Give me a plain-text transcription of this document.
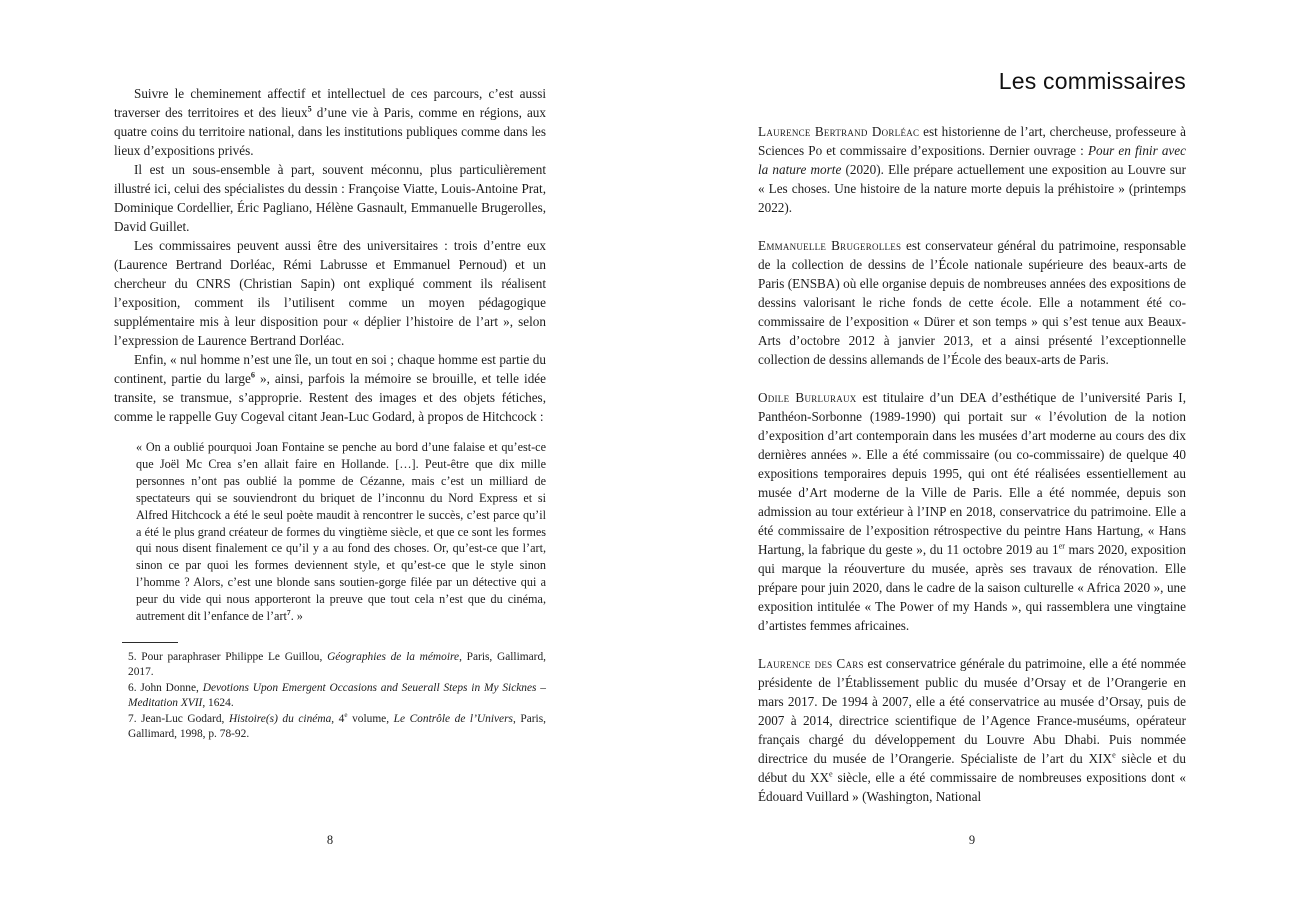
Suivre le cheminement affectif et intellectuel de ces parcours, c’est aussi traverser des territoires et des lieux$^5$ d’une vie à Paris, comme en régions, aux quatre coins du territoire national, dans les institutions publiques comme dans les lieux d’expositions privés.

Il est un sous-ensemble à part, souvent méconnu, plus particulièrement illustré ici, celui des spécialistes du dessin : Françoise Viatte, Louis-Antoine Prat, Dominique Cordellier, Éric Pagliano, Hélène Gasnault, Emmanuelle Brugerolles, David Guillet.

Les commissaires peuvent aussi être des universitaires : trois d’entre eux (Laurence Bertrand Dorléac, Rémi Labrusse et Emmanuel Pernoud) et un chercheur du CNRS (Christian Sapin) ont expliqué comment ils réalisent l’exposition, comment ils l’utilisent comme un moyen pédagogique supplémentaire mis à leur disposition pour « déplier l’histoire de l’art », selon l’expression de Laurence Bertrand Dorléac.

Enfin, « nul homme n’est une île, un tout en soi ; chaque homme est partie du continent, partie du large$^6$ », ainsi, parfois la mémoire se brouille, et telle idée transite, se transmue, s’approprie. Restent des images et des objets fétiches, comme le rappelle Guy Cogeval citant Jean-Luc Godard, à propos de Hitchcock :

« On a oublié pourquoi Joan Fontaine se penche au bord d’une falaise et qu’est-ce que Joël Mc Crea s’en allait faire en Hollande. […]. Peut-être que dix mille personnes n’ont pas oublié la pomme de Cézanne, mais c’est un milliard de spectateurs qui se souviendront du briquet de l’inconnu du Nord Express et si Alfred Hitchcock a été le seul poète maudit à rencontrer le succès, c’est parce qu’il a été le plus grand créateur de formes du vingtième siècle, et que ce sont les formes qui nous disent finalement ce qu’il y a au fond des choses. Or, qu’est-ce que l’art, sinon ce par quoi les formes deviennent style, et qu’est-ce que le style sinon l’homme ? Alors, c’est une blonde sans soutien-gorge filée par un détective qui a peur du vide qui nous apporteront la preuve que tout cela n’est que du cinéma, autrement dit l’enfance de l’art$^7$. »

5. Pour paraphraser Philippe Le Guillou, Géographies de la mémoire, Paris, Gallimard, 2017.

6. John Donne, Devotions Upon Emergent Occasions and Seuerall Steps in My Sicknes – Meditation XVII, 1624.

7. Jean-Luc Godard, Histoire(s) du cinéma, 4e volume, Le Contrôle de l’Univers, Paris, Gallimard, 1998, p. 78-92.

Les commissaires

Laurence Bertrand Dorléac est historienne de l’art, chercheuse, professeure à Sciences Po et commissaire d’expositions. Dernier ouvrage : Pour en finir avec la nature morte (2020). Elle prépare actuellement une exposition au Louvre sur « Les choses. Une histoire de la nature morte depuis la préhistoire » (printemps 2022).

Emmanuelle Brugerolles est conservateur général du patrimoine, responsable de la collection de dessins de l’École nationale supérieure des beaux-arts de Paris (ENSBA) où elle organise depuis de nombreuses années des expositions de dessins valorisant le riche fonds de cette école. Elle a notamment été co-commissaire de l’exposition « Dürer et son temps » qui s’est tenue aux Beaux-Arts d’octobre 2012 à janvier 2013, et a ainsi présenté l’exceptionnelle collection de dessins allemands de l’École des beaux-arts de Paris.

Odile Burluraux est titulaire d’un DEA d’esthétique de l’université Paris I, Panthéon-Sorbonne (1989-1990) qui portait sur « l’évolution de la notion d’exposition d’art contemporain dans les musées d’art moderne au cours des dix dernières années ». Elle a été commissaire (ou co-commissaire) de quelque 40 expositions temporaires depuis 1995, qui ont été réalisées essentiellement au musée d’Art moderne de la Ville de Paris. Elle a été nommée, depuis son admission au tour extérieur à l’INP en 2018, conservatrice du patrimoine. Elle a été commissaire de l’exposition rétrospective du peintre Hans Hartung, « Hans Hartung, la fabrique du geste », du 11 octobre 2019 au 1er mars 2020, exposition qui marque la réouverture du musée, après ses travaux de rénovation. Elle prépare pour juin 2020, dans le cadre de la saison culturelle « Africa 2020 », une exposition intitulée « The Power of my Hands », qui rassemblera une vingtaine d’artistes femmes africaines.

Laurence des Cars est conservatrice générale du patrimoine, elle a été nommée présidente de l’Établissement public du musée d’Orsay et de l’Orangerie en mars 2017. De 1994 à 2007, elle a été conservatrice au musée d’Orsay, puis de 2007 à 2014, directrice scientifique de l’Agence France-muséums, opérateur français chargé du développement du Louvre Abu Dhabi. Puis nommée directrice du musée de l’Orangerie. Spécialiste de l’art du XIXe siècle et du début du XXe siècle, elle a été commissaire de nombreuses expositions dont « Édouard Vuillard » (Washington, National

8	9
